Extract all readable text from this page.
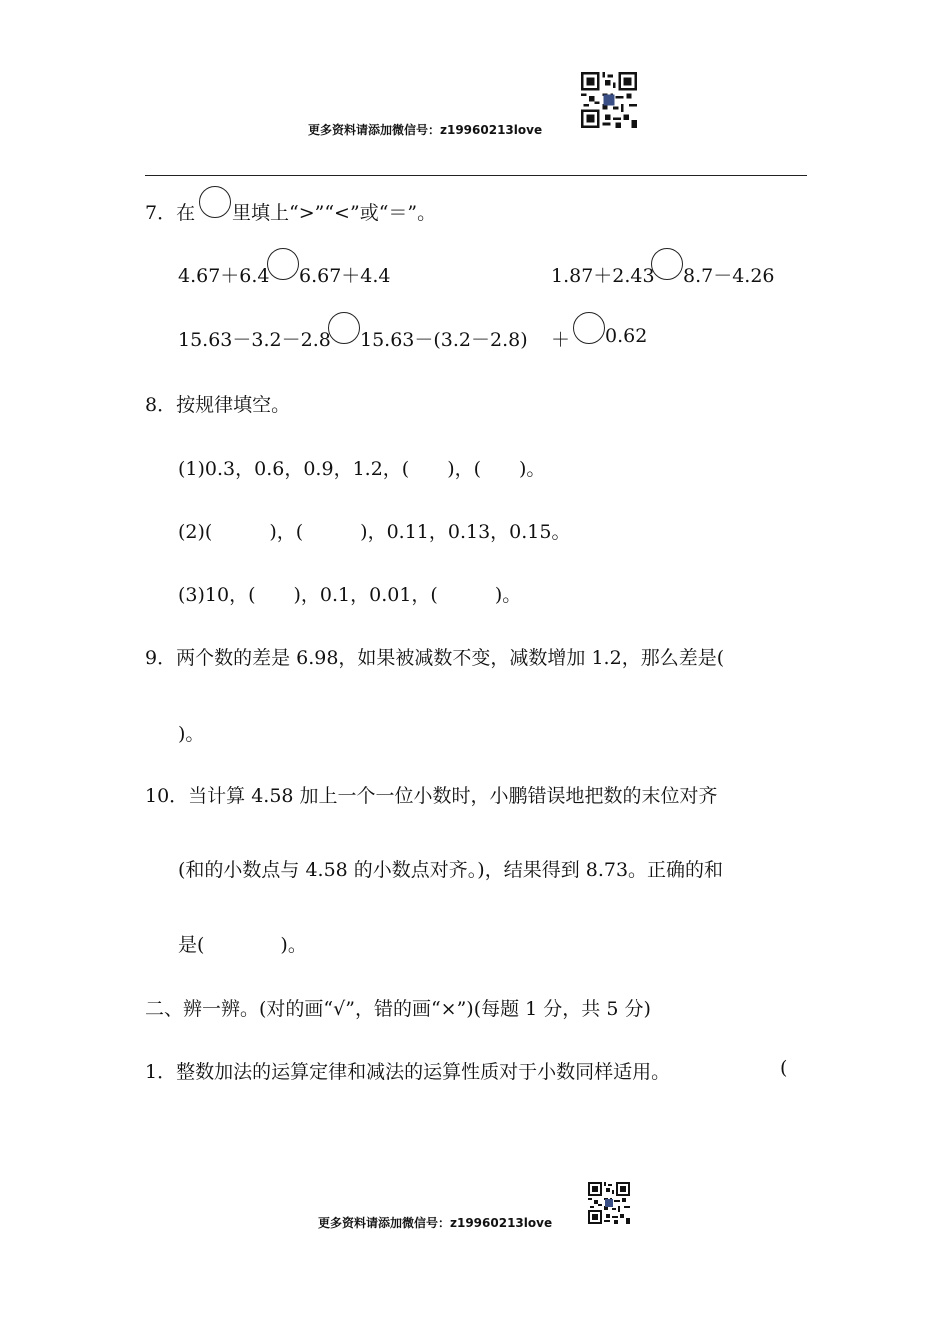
更多资料请添加微信号：z19960213love
7．在 里填上“>”“<”或“＝”。
4.67＋6.4 6.67＋4.4	1.87＋2.43 8.7－4.26
15.63－3.2－2.8 15.63－(3.2－2.8) ＋ 0.62
8．按规律填空。
(1)0.3，0.6，0.9，1.2，(　　)，(　　)。
(2)(　　　)，(　　　)，0.11，0.13，0.15。
(3)10，(　　)，0.1，0.01，(　　　)。
9．两个数的差是 6.98，如果被减数不变，减数增加 1.2，那么差是(
)。
10．当计算 4.58 加上一个一位小数时，小鹏错误地把数的末位对齐
(和的小数点与 4.58 的小数点对齐。)，结果得到 8.73。正确的和
是(　　　　)。
二、辨一辨。(对的画“√”，错的画“×”)(每题 1 分，共 5 分)
1．整数加法的运算定律和减法的运算性质对于小数同样适用。	(
更多资料请添加微信号：z19960213love
